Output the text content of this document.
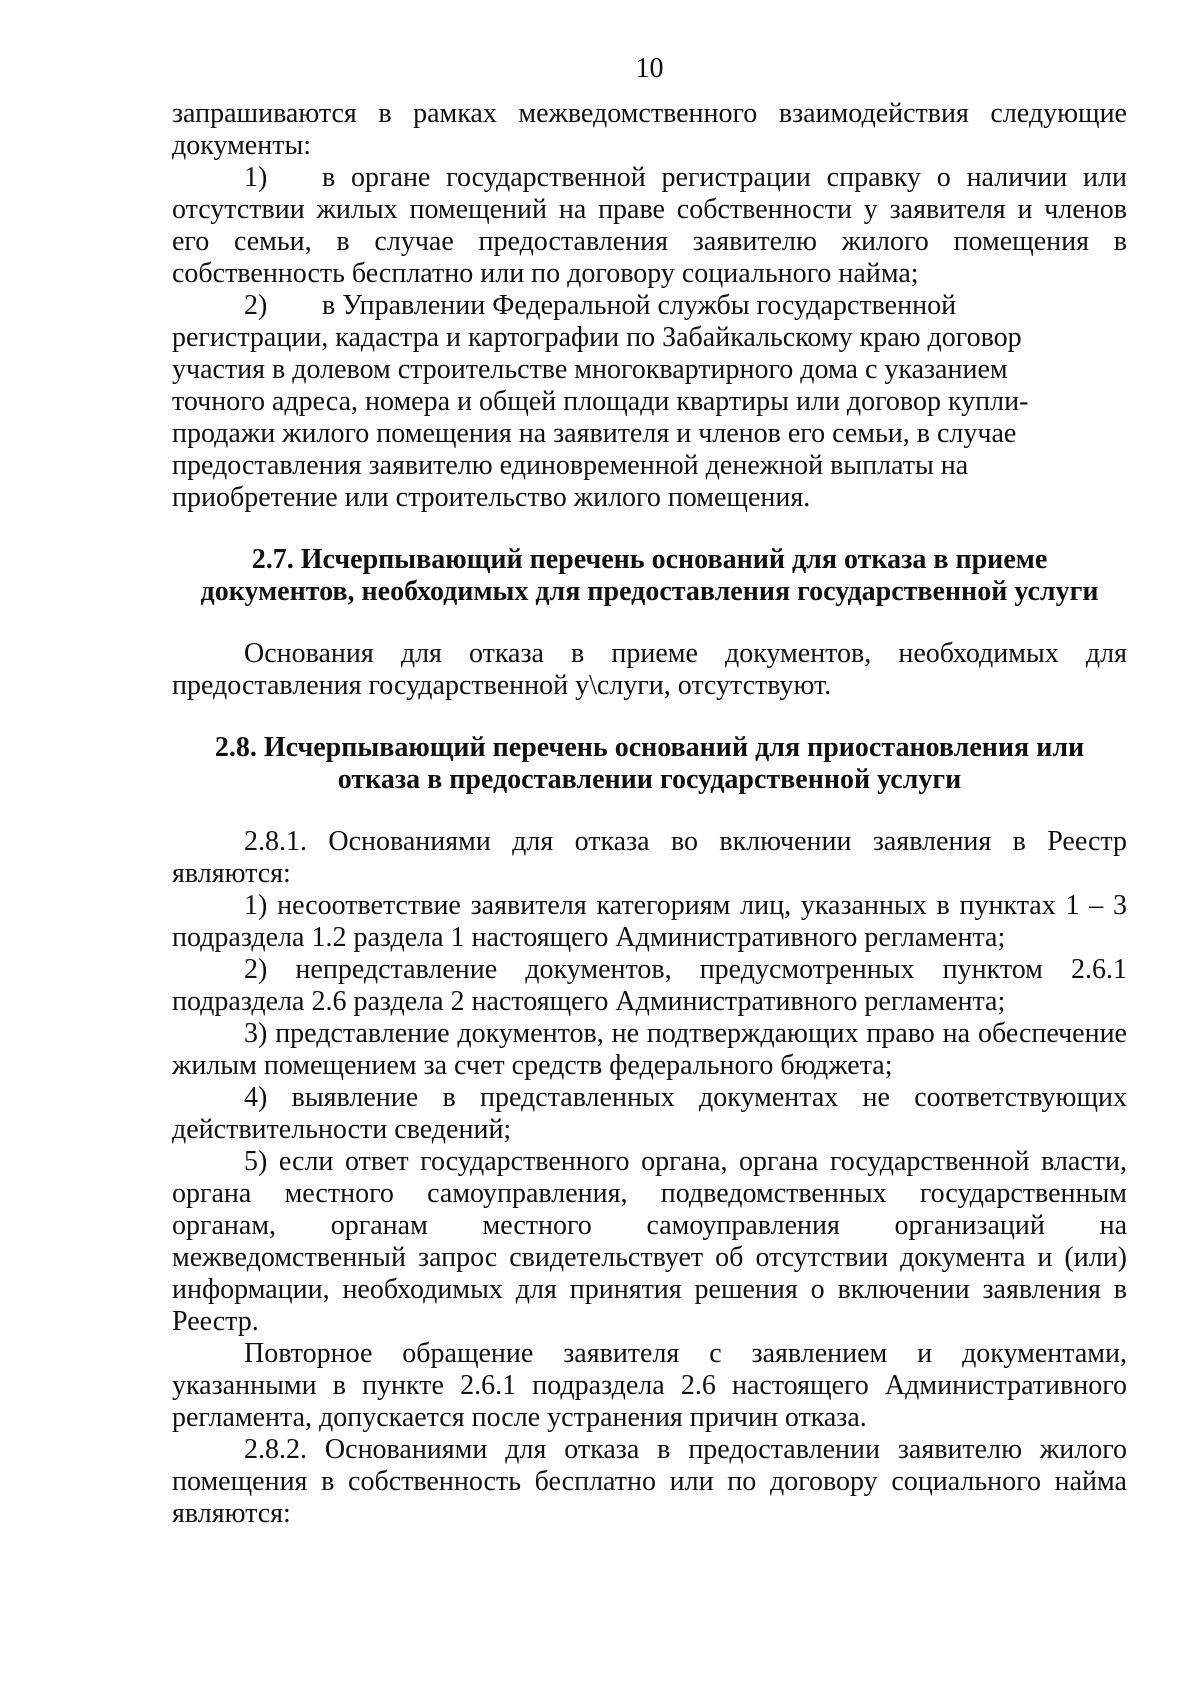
10

запрашиваются в рамках межведомственного взаимодействия следующие документы:

1) в органе государственной регистрации справку о наличии или отсутствии жилых помещений на праве собственности у заявителя и членов его семьи, в случае предоставления заявителю жилого помещения в собственность бесплатно или по договору социального найма;

2) в Управлении Федеральной службы государственной

регистрации, кадастра и картографии по Забайкальскому краю договор

участия в долевом строительстве многоквартирного дома с указанием

точного адреса, номера и общей площади квартиры или договор купли-

продажи жилого помещения на заявителя и членов его семьи, в случае

предоставления заявителю единовременной денежной выплаты на

приобретение или строительство жилого помещения.

2.7. Исчерпывающий перечень оснований для отказа в приеме документов, необходимых для предоставления государственной услуги

Основания для отказа в приеме документов, необходимых для предоставления государственной у\слуги, отсутствуют.

2.8. Исчерпывающий перечень оснований для приостановления или отказа в предоставлении государственной услуги

2.8.1. Основаниями для отказа во включении заявления в Реестр являются:

1) несоответствие заявителя категориям лиц, указанных в пунктах 1 – 3 подраздела 1.2 раздела 1 настоящего Административного регламента;

2) непредставление документов, предусмотренных пунктом 2.6.1 подраздела 2.6 раздела 2 настоящего Административного регламента;

3) представление документов, не подтверждающих право на обеспечение жилым помещением за счет средств федерального бюджета;

4) выявление в представленных документах не соответствующих действительности сведений;

5) если ответ государственного органа, органа государственной власти, органа местного самоуправления, подведомственных государственным органам, органам местного самоуправления организаций на межведомственный запрос свидетельствует об отсутствии документа и (или) информации, необходимых для принятия решения о включении заявления в Реестр.

Повторное обращение заявителя с заявлением и документами, указанными в пункте 2.6.1 подраздела 2.6 настоящего Административного регламента, допускается после устранения причин отказа.

2.8.2. Основаниями для отказа в предоставлении заявителю жилого помещения в собственность бесплатно или по договору социального найма являются:
